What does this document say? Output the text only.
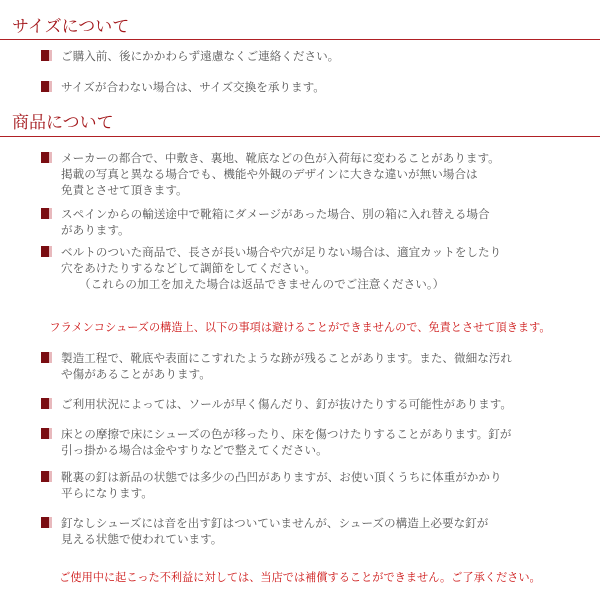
サイズについて
ご購入前、後にかかわらず遠慮なくご連絡ください。
サイズが合わない場合は、サイズ交換を承ります。
商品について
メーカーの都合で、中敷き、裏地、靴底などの色が入荷毎に変わることがあります。
掲載の写真と異なる場合でも、機能や外観のデザインに大きな違いが無い場合は
免責とさせて頂きます。
スペインからの輸送途中で靴箱にダメージがあった場合、別の箱に入れ替える場合
があります。
ベルトのついた商品で、長さが長い場合や穴が足りない場合は、適宜カットをしたり
穴をあけたりするなどして調節をしてください。
（これらの加工を加えた場合は返品できませんのでご注意ください。）
フラメンコシューズの構造上、以下の事項は避けることができませんので、免責とさせて頂きます。
製造工程で、靴底や表面にこすれたような跡が残ることがあります。また、微細な汚れ
や傷があることがあります。
ご利用状況によっては、ソールが早く傷んだり、釘が抜けたりする可能性があります。
床との摩擦で床にシューズの色が移ったり、床を傷つけたりすることがあります。釘が
引っ掛かる場合は金やすりなどで整えてください。
靴裏の釘は新品の状態では多少の凸凹がありますが、お使い頂くうちに体重がかかり
平らになります。
釘なしシューズには音を出す釘はついていませんが、シューズの構造上必要な釘が
見える状態で使われています。
ご使用中に起こった不利益に対しては、当店では補償することができません。ご了承ください。
